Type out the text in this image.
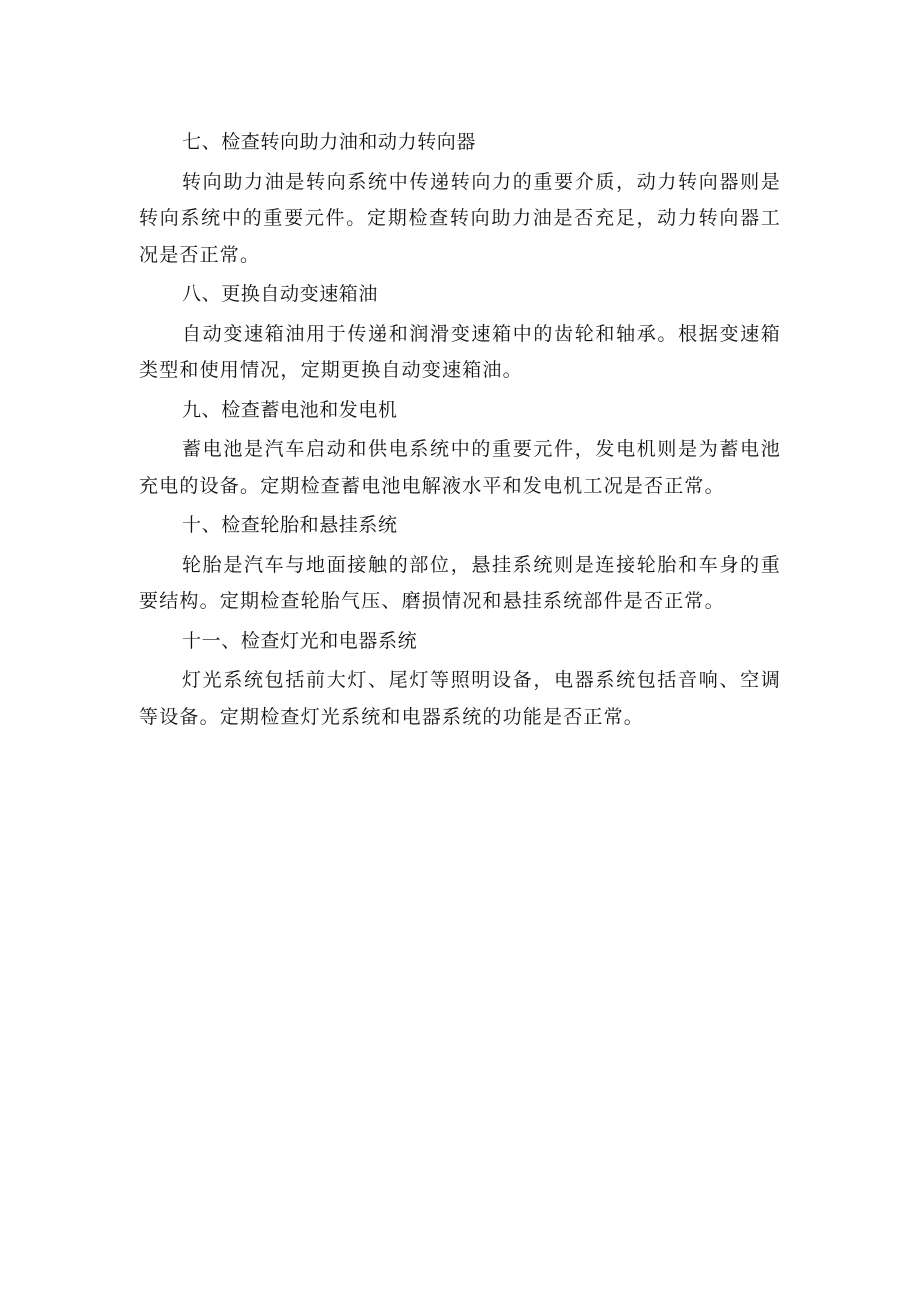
七、检查转向助力油和动力转向器

转向助力油是转向系统中传递转向力的重要介质，动力转向器则是转向系统中的重要元件。定期检查转向助力油是否充足，动力转向器工况是否正常。

八、更换自动变速箱油

自动变速箱油用于传递和润滑变速箱中的齿轮和轴承。根据变速箱类型和使用情况，定期更换自动变速箱油。

九、检查蓄电池和发电机

蓄电池是汽车启动和供电系统中的重要元件，发电机则是为蓄电池充电的设备。定期检查蓄电池电解液水平和发电机工况是否正常。

十、检查轮胎和悬挂系统

轮胎是汽车与地面接触的部位，悬挂系统则是连接轮胎和车身的重要结构。定期检查轮胎气压、磨损情况和悬挂系统部件是否正常。

十一、检查灯光和电器系统

灯光系统包括前大灯、尾灯等照明设备，电器系统包括音响、空调等设备。定期检查灯光系统和电器系统的功能是否正常。
